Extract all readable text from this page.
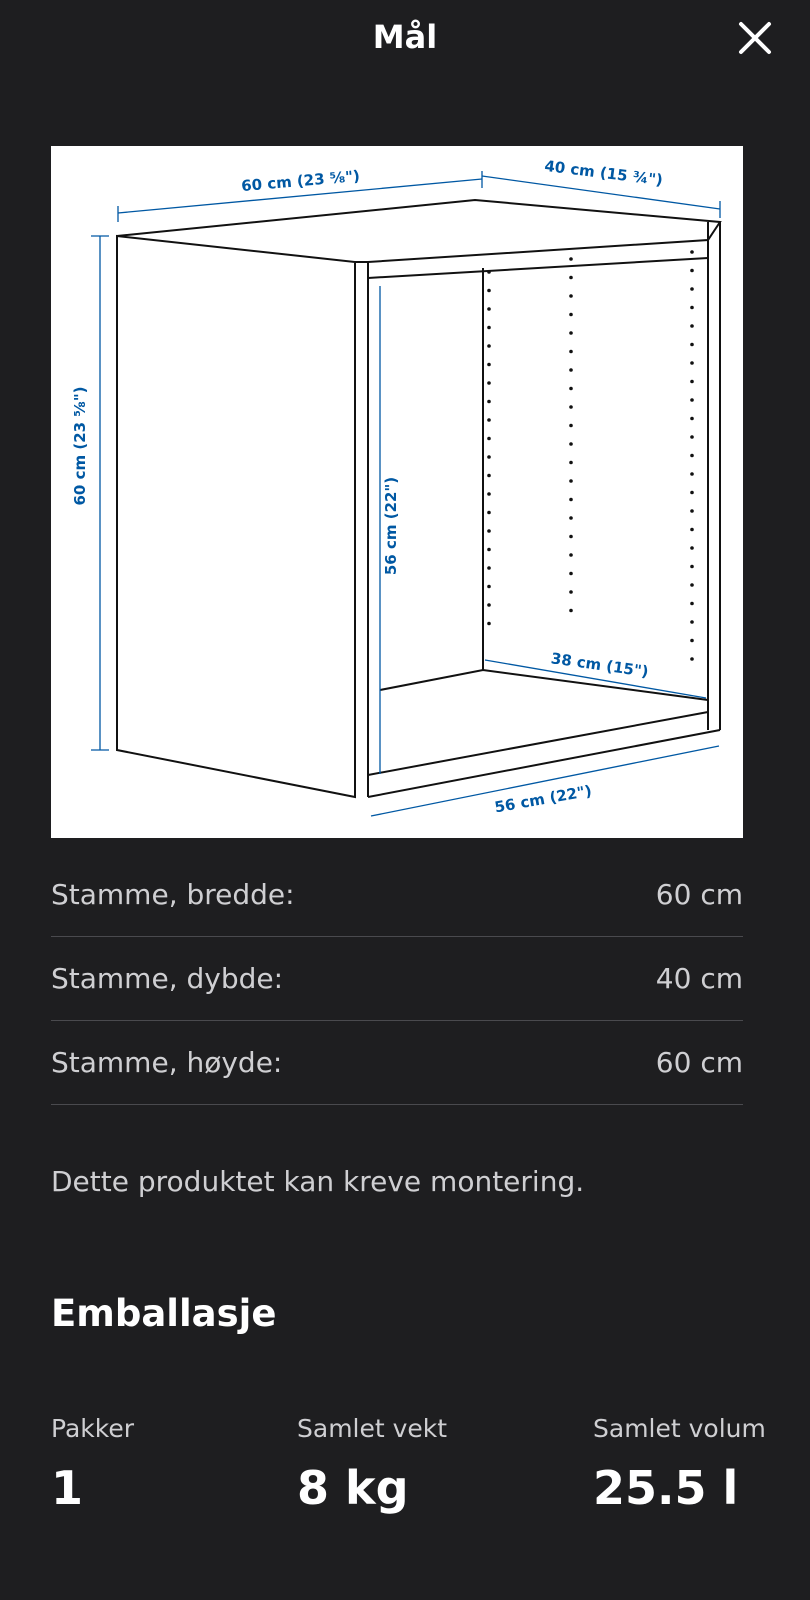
Mål
60 cm (23 ⅝")	40 cm (15 ¾")
60 cm (23 ⅝")
56 cm (22")
38 cm (15")
56 cm (22")
Stamme, bredde:	60 cm
Stamme, dybde:	40 cm
Stamme, høyde:	60 cm
Dette produktet kan kreve montering.
Emballasje
Pakker
1
Samlet vekt
8 kg
Samlet volum
25.5 l
